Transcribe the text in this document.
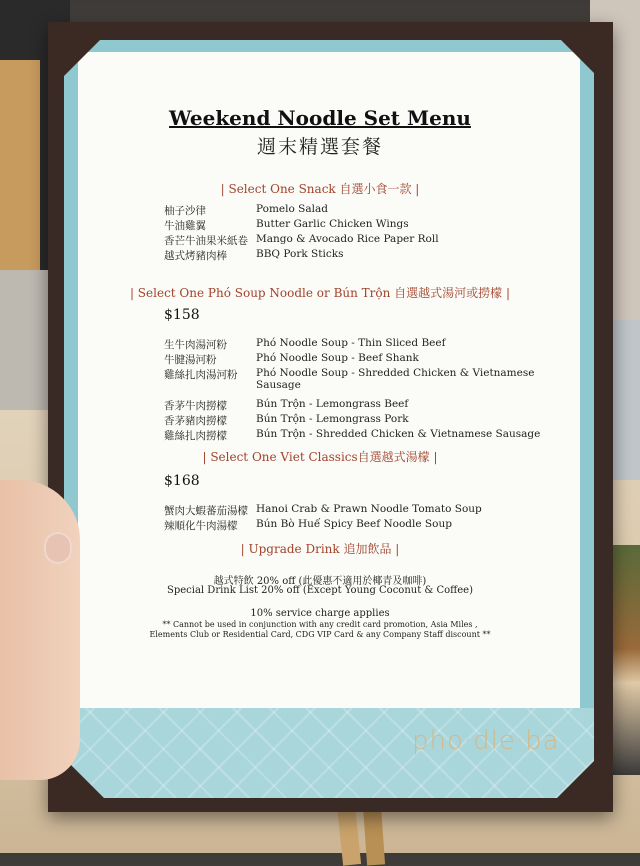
pho·dle·ba
Weekend Noodle Set Menu
週末精選套餐
| Select One Snack 自選小食一款 |
柚子沙律	Pomelo Salad
牛油雞翼	Butter Garlic Chicken Wings
香芒牛油果米紙卷 Mango & Avocado Rice Paper Roll
越式烤豬肉棒	BBQ Pork Sticks
| Select One Phó Soup Noodle or Bún Trộn 自選越式湯河或撈檬 |
$158
生牛肉湯河粉	Phó Noodle Soup - Thin Sliced Beef
牛腱湯河粉	Phó Noodle Soup - Beef Shank
雞絲扎肉湯河粉 Phó Noodle Soup - Shredded Chicken & Vietnamese Sausage
香茅牛肉撈檬	Bún Trộn - Lemongrass Beef
香茅豬肉撈檬	Bún Trộn - Lemongrass Pork
雞絲扎肉撈檬	Bún Trộn - Shredded Chicken & Vietnamese Sausage
| Select One Viet Classics自選越式湯檬 |
$168
蟹肉大蝦蕃茄湯檬 Hanoi Crab & Prawn Noodle Tomato Soup
辣順化牛肉湯檬 Bún Bò Huế Spicy Beef Noodle Soup
| Upgrade Drink 追加飲品 |
越式特飲 20% off (此優惠不適用於椰青及咖啡)
Special Drink List 20% off (Except Young Coconut & Coffee)
10% service charge applies
** Cannot be used in conjunction with any credit card promotion, Asia Miles ,
Elements Club or Residential Card, CDG VIP Card & any Company Staff discount **
